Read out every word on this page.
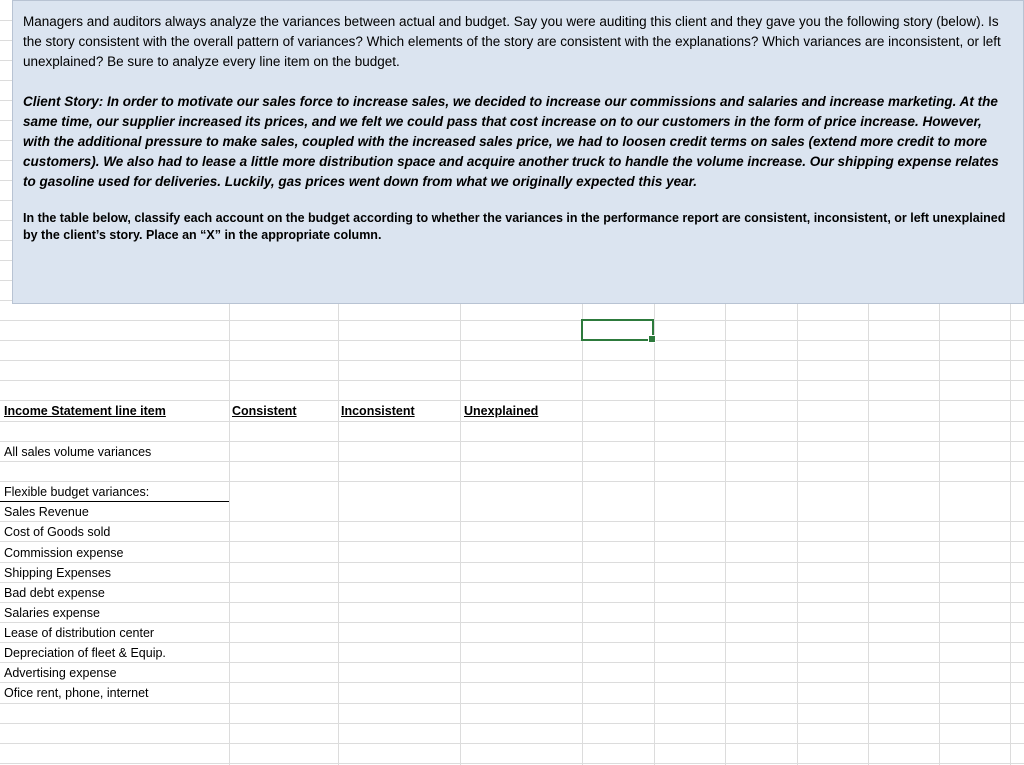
Managers and auditors always analyze the variances between actual and budget. Say you were auditing this client and they gave you the following story (below). Is the story consistent with the overall pattern of variances? Which elements of the story are consistent with the explanations? Which variances are inconsistent, or left unexplained? Be sure to analyze every line item on the budget.

Client Story: In order to motivate our sales force to increase sales, we decided to increase our commissions and salaries and increase marketing. At the same time, our supplier increased its prices, and we felt we could pass that cost increase on to our customers in the form of price increase. However, with the additional pressure to make sales, coupled with the increased sales price, we had to loosen credit terms on sales (extend more credit to more customers). We also had to lease a little more distribution space and acquire another truck to handle the volume increase. Our shipping expense relates to gasoline used for deliveries. Luckily, gas prices went down from what we originally expected this year.

In the table below, classify each account on the budget according to whether the variances in the performance report are consistent, inconsistent, or left unexplained by the client’s story. Place an “X” in the appropriate column.

Income Statement line item	Consistent	Inconsistent	Unexplained
All sales volume variances
Flexible budget variances:
Sales Revenue
Cost of Goods sold
Commission expense
Shipping Expenses
Bad debt expense
Salaries expense
Lease of distribution center
Depreciation of fleet & Equip.
Advertising expense
Ofice rent, phone, internet
